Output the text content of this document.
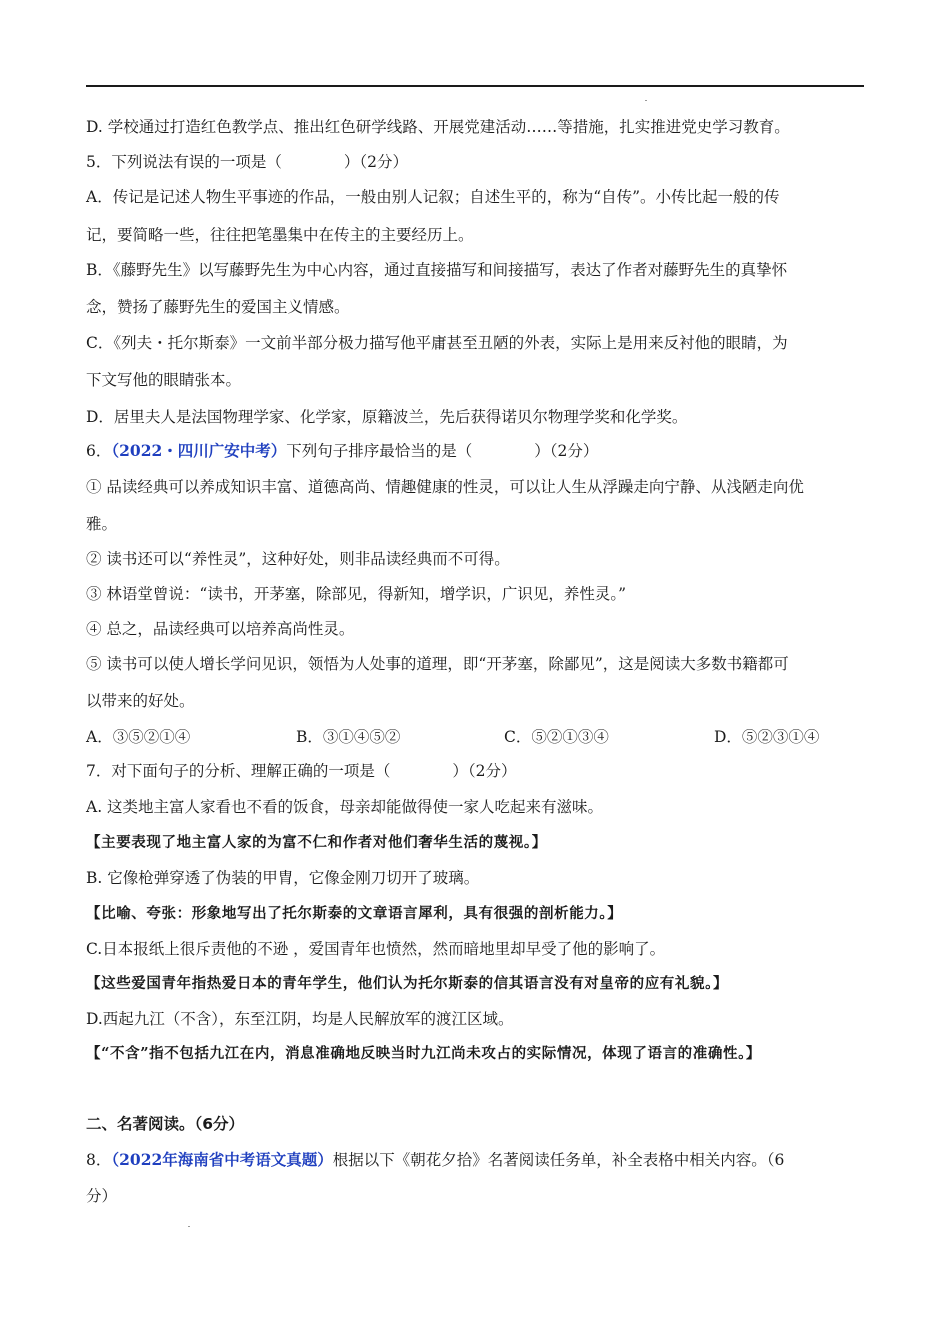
D. 学校通过打造红色教学点、推出红色研学线路、开展党建活动……等措施，扎实推进党史学习教育。
5．下列说法有误的一项是（　　　　）（2分）
A．传记是记述人物生平事迹的作品，一般由别人记叙；自述生平的，称为“自传”。小传比起一般的传
记，要简略一些，往往把笔墨集中在传主的主要经历上。
B．《藤野先生》以写藤野先生为中心内容，通过直接描写和间接描写，表达了作者对藤野先生的真挚怀
念，赞扬了藤野先生的爱国主义情感。
C．《列夫・托尔斯泰》一文前半部分极力描写他平庸甚至丑陋的外表，实际上是用来反衬他的眼睛，为
下文写他的眼睛张本。
D．居里夫人是法国物理学家、化学家，原籍波兰，先后获得诺贝尔物理学奖和化学奖。
6．（2022・四川广安中考）下列句子排序最恰当的是（　　　　）（2分）
① 品读经典可以养成知识丰富、道德高尚、情趣健康的性灵，可以让人生从浮躁走向宁静、从浅陋走向优
雅。
② 读书还可以“养性灵”，这种好处，则非品读经典而不可得。
③ 林语堂曾说：“读书，开茅塞，除部见，得新知，增学识，广识见，养性灵。”
④ 总之，品读经典可以培养高尚性灵。
⑤ 读书可以使人增长学问见识，领悟为人处事的道理，即“开茅塞，除鄙见”，这是阅读大多数书籍都可
以带来的好处。
A．③⑤②①④	B．③①④⑤②	C．⑤②①③④	D．⑤②③①④
7．对下面句子的分析、理解正确的一项是（　　　　）（2分）
A. 这类地主富人家看也不看的饭食，母亲却能做得使一家人吃起来有滋味。
【主要表现了地主富人家的为富不仁和作者对他们奢华生活的蔑视。】
B. 它像枪弹穿透了伪装的甲胄，它像金刚刀切开了玻璃。
【比喻、夸张：形象地写出了托尔斯泰的文章语言犀利，具有很强的剖析能力。】
C.日本报纸上很斥责他的不逊 ，爱国青年也愤然，然而暗地里却早受了他的影响了。
【这些爱国青年指热爱日本的青年学生，他们认为托尔斯泰的信其语言没有对皇帝的应有礼貌。】
D.西起九江（不含），东至江阴，均是人民解放军的渡江区域。
【“不含”指不包括九江在内，消息准确地反映当时九江尚未攻占的实际情况，体现了语言的准确性。】
二、名著阅读。（6分）
8．（2022年海南省中考语文真题）根据以下《朝花夕拾》名著阅读任务单，补全表格中相关内容。（6
分）
